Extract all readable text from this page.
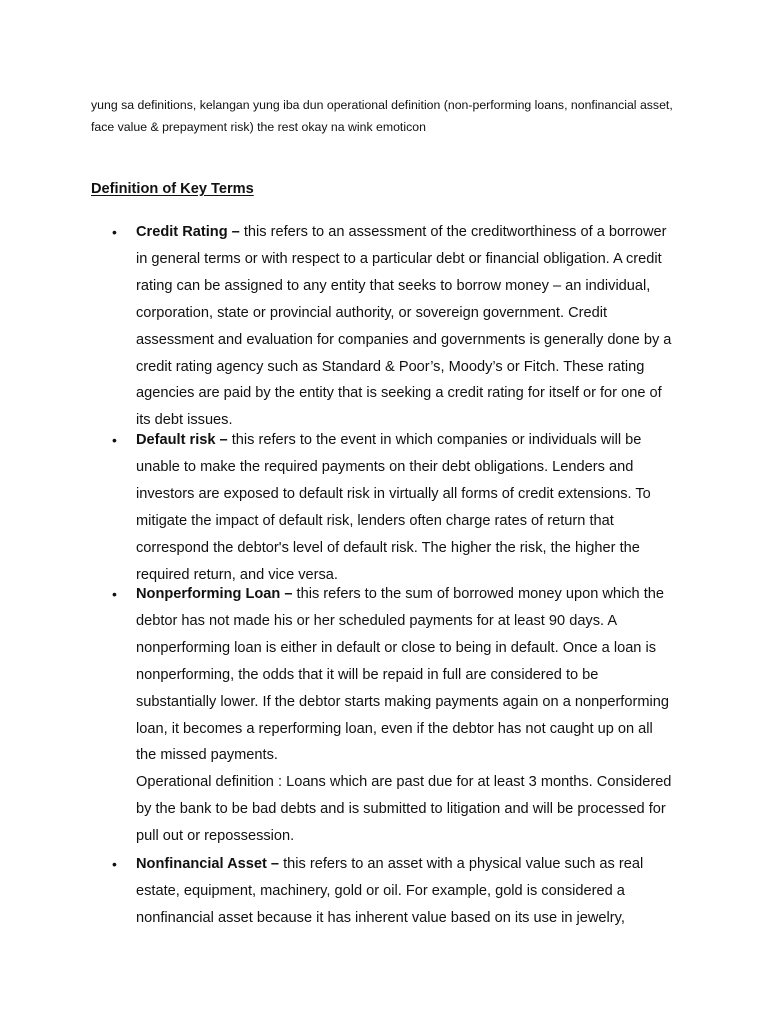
yung sa definitions, kelangan yung iba dun operational definition (non-performing loans, nonfinancial asset, face value & prepayment risk) the rest okay na wink emoticon

Definition of Key Terms
• Credit Rating – this refers to an assessment of the creditworthiness of a borrower in general terms or with respect to a particular debt or financial obligation. A credit rating can be assigned to any entity that seeks to borrow money – an individual, corporation, state or provincial authority, or sovereign government. Credit assessment and evaluation for companies and governments is generally done by a credit rating agency such as Standard & Poor’s, Moody’s or Fitch. These rating agencies are paid by the entity that is seeking a credit rating for itself or for one of its debt issues.
• Default risk – this refers to the event in which companies or individuals will be unable to make the required payments on their debt obligations. Lenders and investors are exposed to default risk in virtually all forms of credit extensions. To mitigate the impact of default risk, lenders often charge rates of return that correspond the debtor's level of default risk. The higher the risk, the higher the required return, and vice versa.
• Nonperforming Loan – this refers to the sum of borrowed money upon which the debtor has not made his or her scheduled payments for at least 90 days. A nonperforming loan is either in default or close to being in default. Once a loan is nonperforming, the odds that it will be repaid in full are considered to be substantially lower. If the debtor starts making payments again on a nonperforming loan, it becomes a reperforming loan, even if the debtor has not caught up on all the missed payments.
Operational definition : Loans which are past due for at least 3 months. Considered by the bank to be bad debts and is submitted to litigation and will be processed for pull out or repossession.
• Nonfinancial Asset – this refers to an asset with a physical value such as real estate, equipment, machinery, gold or oil. For example, gold is considered a nonfinancial asset because it has inherent value based on its use in jewelry,
